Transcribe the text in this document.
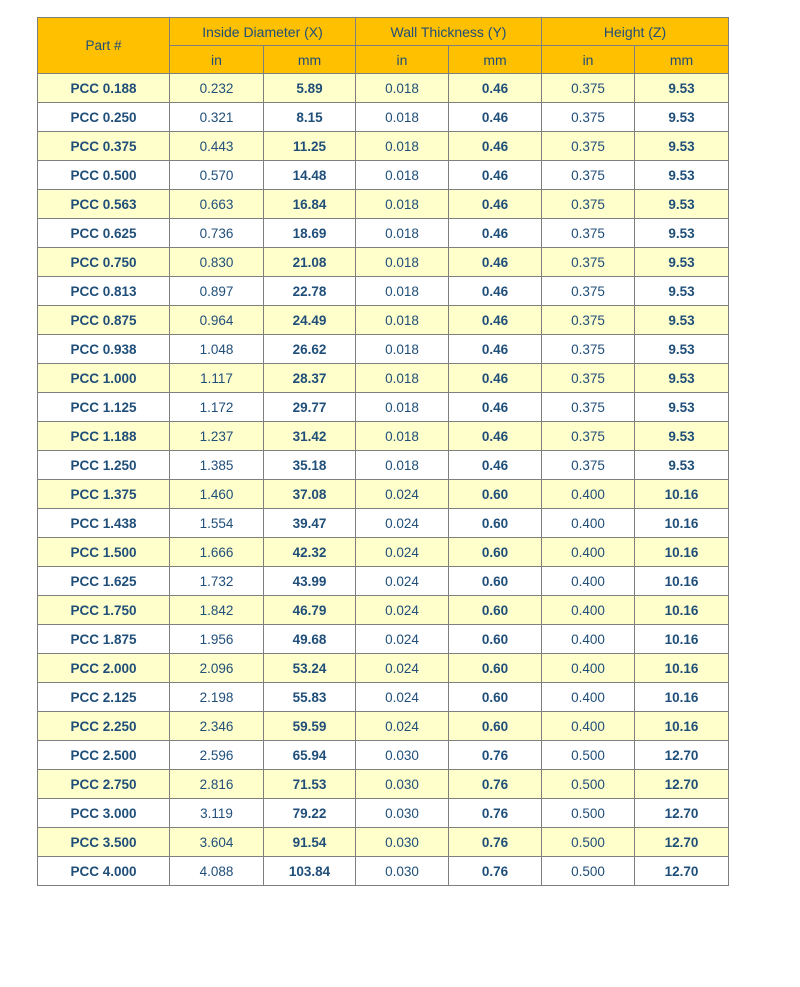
Part #	Inside Diameter (X)		Wall Thickness (Y)		Height (Z)	
	in	mm	in	mm	in	mm
PCC 0.188	0.232	5.89	0.018	0.46	0.375	9.53
PCC 0.250	0.321	8.15	0.018	0.46	0.375	9.53
PCC 0.375	0.443	11.25	0.018	0.46	0.375	9.53
PCC 0.500	0.570	14.48	0.018	0.46	0.375	9.53
PCC 0.563	0.663	16.84	0.018	0.46	0.375	9.53
PCC 0.625	0.736	18.69	0.018	0.46	0.375	9.53
PCC 0.750	0.830	21.08	0.018	0.46	0.375	9.53
PCC 0.813	0.897	22.78	0.018	0.46	0.375	9.53
PCC 0.875	0.964	24.49	0.018	0.46	0.375	9.53
PCC 0.938	1.048	26.62	0.018	0.46	0.375	9.53
PCC 1.000	1.117	28.37	0.018	0.46	0.375	9.53
PCC 1.125	1.172	29.77	0.018	0.46	0.375	9.53
PCC 1.188	1.237	31.42	0.018	0.46	0.375	9.53
PCC 1.250	1.385	35.18	0.018	0.46	0.375	9.53
PCC 1.375	1.460	37.08	0.024	0.60	0.400	10.16
PCC 1.438	1.554	39.47	0.024	0.60	0.400	10.16
PCC 1.500	1.666	42.32	0.024	0.60	0.400	10.16
PCC 1.625	1.732	43.99	0.024	0.60	0.400	10.16
PCC 1.750	1.842	46.79	0.024	0.60	0.400	10.16
PCC 1.875	1.956	49.68	0.024	0.60	0.400	10.16
PCC 2.000	2.096	53.24	0.024	0.60	0.400	10.16
PCC 2.125	2.198	55.83	0.024	0.60	0.400	10.16
PCC 2.250	2.346	59.59	0.024	0.60	0.400	10.16
PCC 2.500	2.596	65.94	0.030	0.76	0.500	12.70
PCC 2.750	2.816	71.53	0.030	0.76	0.500	12.70
PCC 3.000	3.119	79.22	0.030	0.76	0.500	12.70
PCC 3.500	3.604	91.54	0.030	0.76	0.500	12.70
PCC 4.000	4.088	103.84	0.030	0.76	0.500	12.70
